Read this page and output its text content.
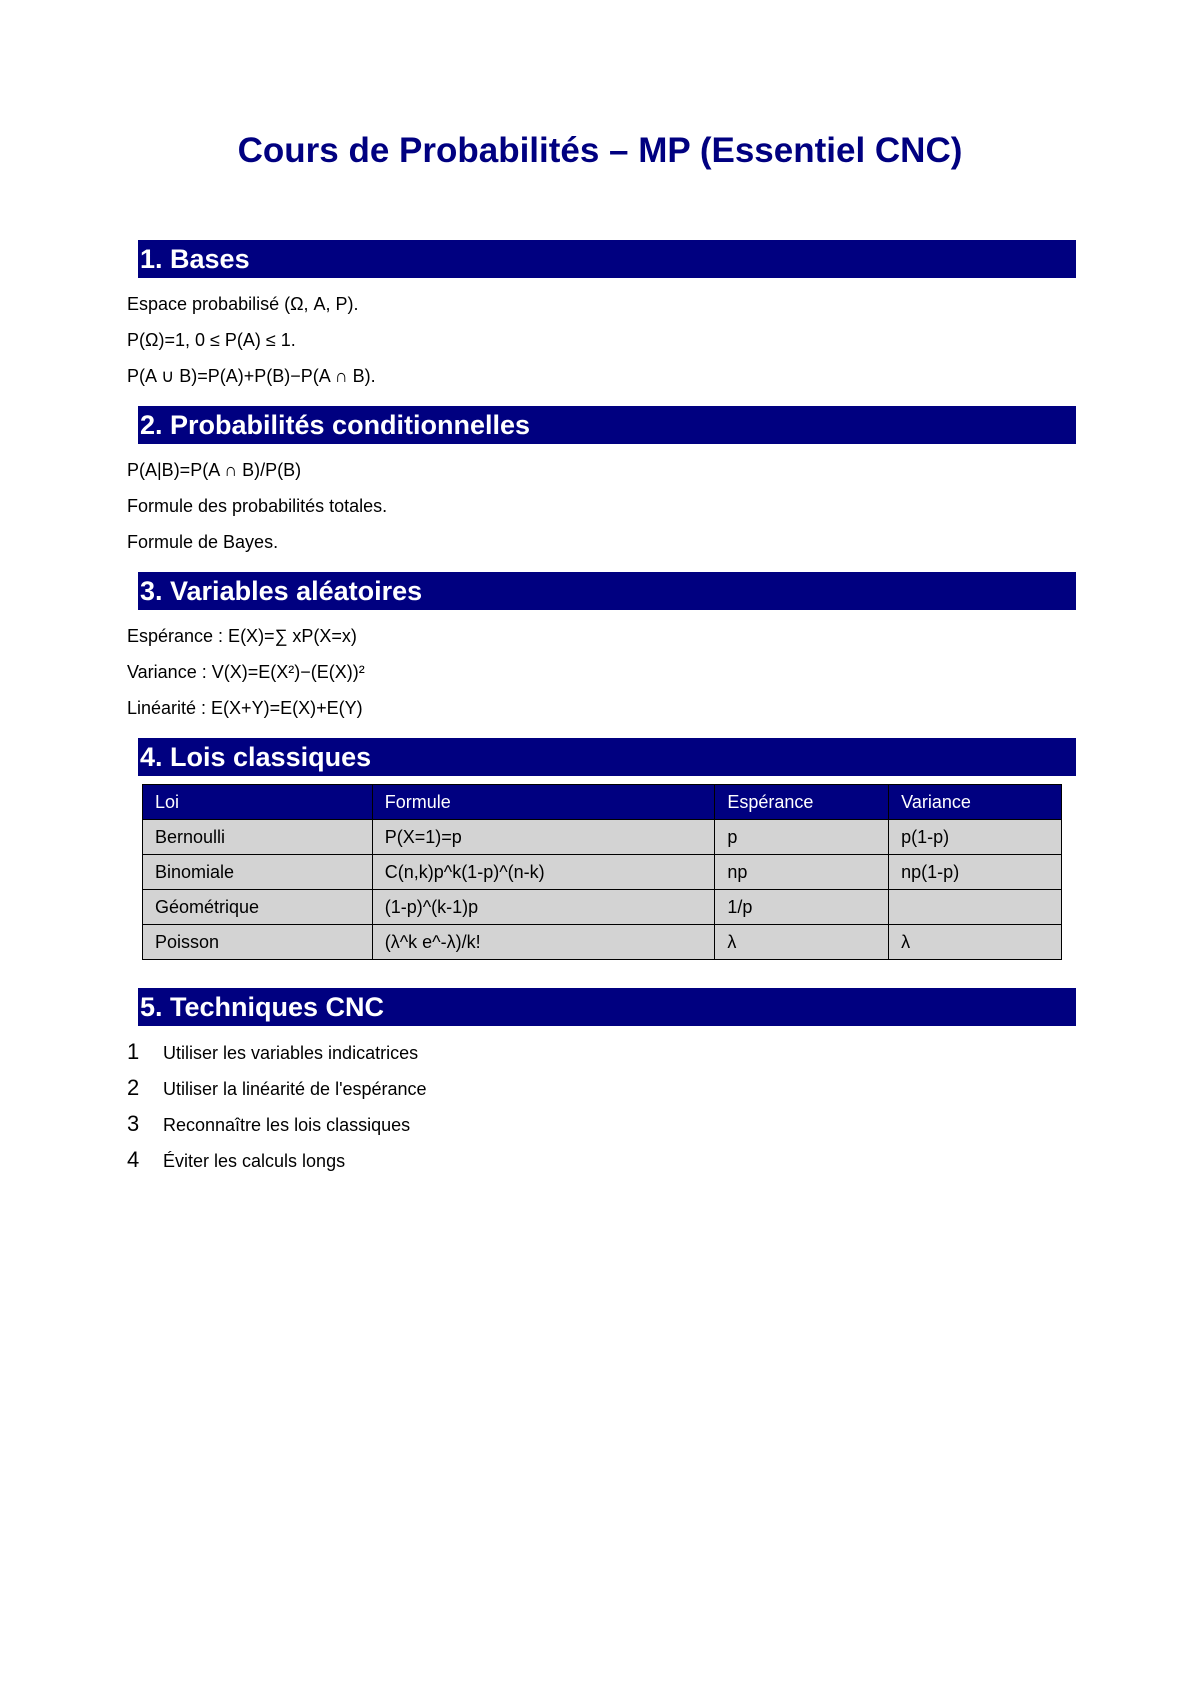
Cours de Probabilités – MP (Essentiel CNC)
1. Bases
Espace probabilisé (Ω, A, P).
P(Ω)=1, 0 ≤ P(A) ≤ 1.
P(A ∪ B)=P(A)+P(B)−P(A ∩ B).
2. Probabilités conditionnelles
P(A|B)=P(A ∩ B)/P(B)
Formule des probabilités totales.
Formule de Bayes.
3. Variables aléatoires
Espérance : E(X)=∑ xP(X=x)
Variance : V(X)=E(X²)−(E(X))²
Linéarité : E(X+Y)=E(X)+E(Y)
4. Lois classiques
Loi	Formule	Espérance	Variance
Bernoulli	P(X=1)=p	p	p(1-p)
Binomiale	C(n,k)p^k(1-p)^(n-k)	np	np(1-p)
Géométrique	(1-p)^(k-1)p	1/p	
Poisson	(λ^k e^-λ)/k!	λ	λ
5. Techniques CNC
1 Utiliser les variables indicatrices
2 Utiliser la linéarité de l'espérance
3 Reconnaître les lois classiques
4 Éviter les calculs longs
